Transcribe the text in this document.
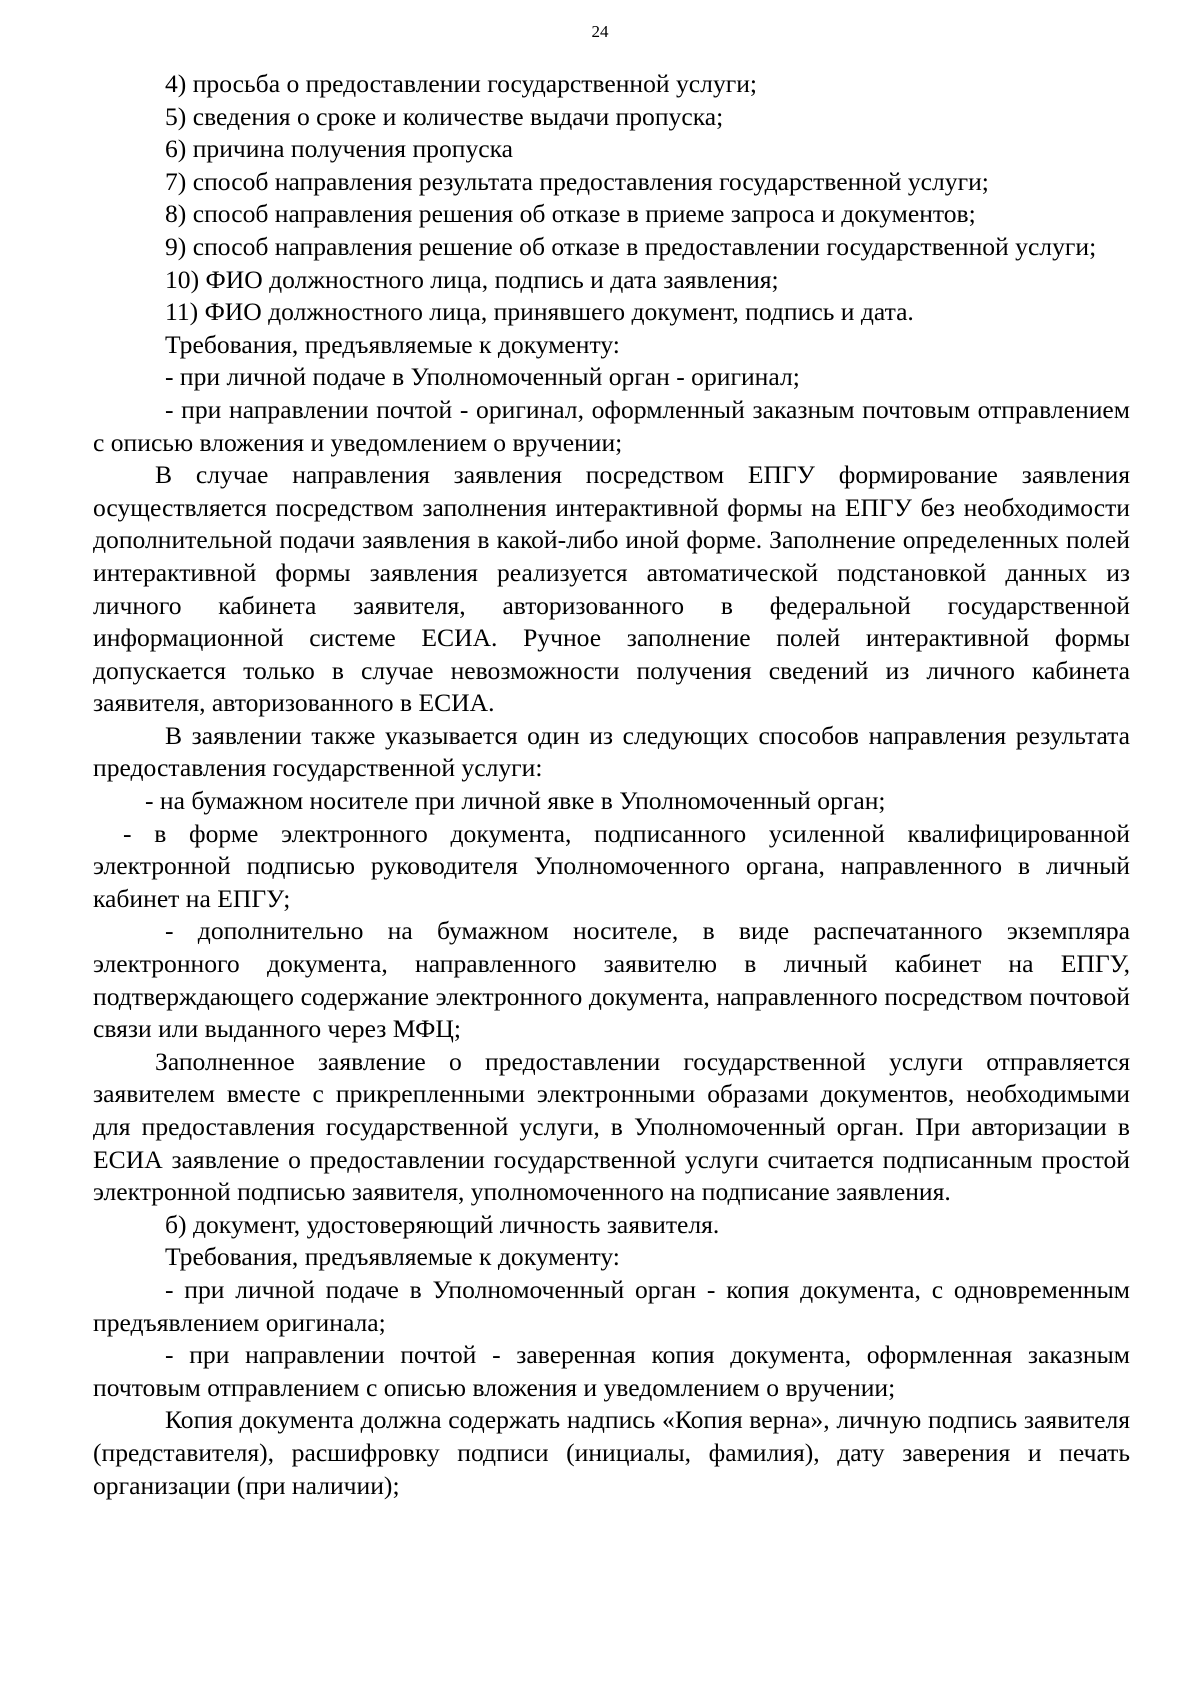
24

4) просьба о предоставлении государственной услуги;

5) сведения о сроке и количестве выдачи пропуска;

6) причина получения пропуска

7) способ направления результата предоставления государственной услуги;

8) способ направления решения об отказе в приеме запроса и документов;

9) способ направления решение об отказе в предоставлении государственной услуги;

10) ФИО должностного лица, подпись и дата заявления;

11) ФИО должностного лица, принявшего документ, подпись и дата.

Требования, предъявляемые к документу:

- при личной подаче в Уполномоченный орган - оригинал;

- при направлении почтой - оригинал, оформленный заказным почтовым отправлением с описью вложения и уведомлением о вручении;

В случае направления заявления посредством ЕПГУ формирование заявления осуществляется посредством заполнения интерактивной формы на ЕПГУ без необходимости дополнительной подачи заявления в какой-либо иной форме. Заполнение определенных полей интерактивной формы заявления реализуется автоматической подстановкой данных из личного кабинета заявителя, авторизованного в федеральной государственной информационной системе ЕСИА. Ручное заполнение полей интерактивной формы допускается только в случае невозможности получения сведений из личного кабинета заявителя, авторизованного в ЕСИА.

В заявлении также указывается один из следующих способов направления результата предоставления государственной услуги:

- на бумажном носителе при личной явке в Уполномоченный орган;

- в форме электронного документа, подписанного усиленной квалифицированной электронной подписью руководителя Уполномоченного органа, направленного в личный кабинет на ЕПГУ;

- дополнительно на бумажном носителе, в виде распечатанного экземпляра электронного документа, направленного заявителю в личный кабинет на ЕПГУ, подтверждающего содержание электронного документа, направленного посредством почтовой связи или выданного через МФЦ;

Заполненное заявление о предоставлении государственной услуги отправляется заявителем вместе с прикрепленными электронными образами документов, необходимыми для предоставления государственной услуги, в Уполномоченный орган. При авторизации в ЕСИА заявление о предоставлении государственной услуги считается подписанным простой электронной подписью заявителя, уполномоченного на подписание заявления.

б) документ, удостоверяющий личность заявителя.

Требования, предъявляемые к документу:

- при личной подаче в Уполномоченный орган - копия документа, с одновременным предъявлением оригинала;

- при направлении почтой - заверенная копия документа, оформленная заказным почтовым отправлением с описью вложения и уведомлением о вручении;

Копия документа должна содержать надпись «Копия верна», личную подпись заявителя (представителя), расшифровку подписи (инициалы, фамилия), дату заверения и печать организации (при наличии);
